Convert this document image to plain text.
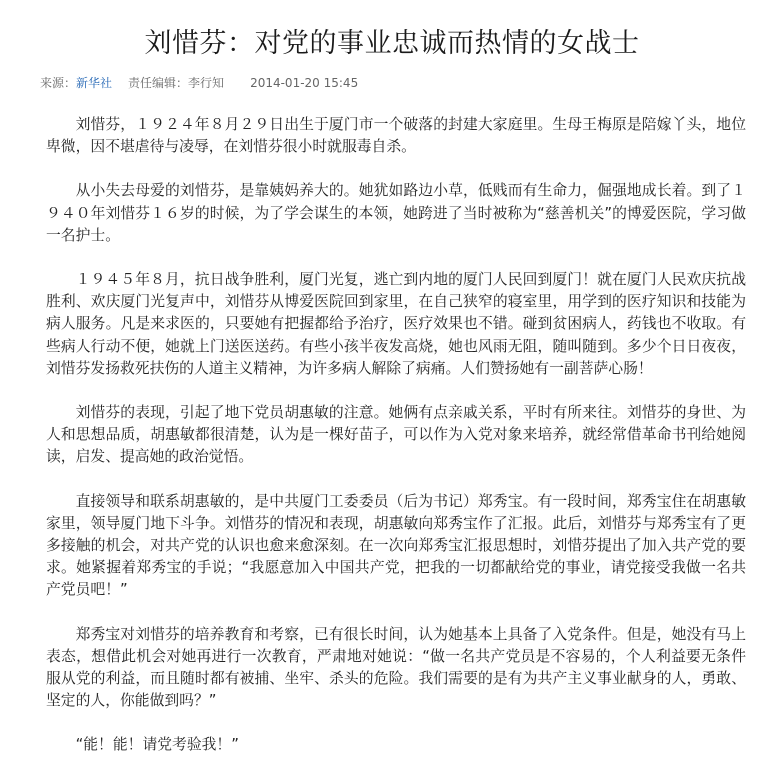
刘惜芬：对党的事业忠诚而热情的女战士
来源：新华社 责任编辑：李行知 2014-01-20 15:45

刘惜芬，１９２４年８月２９日出生于厦门市一个破落的封建大家庭里。生母王梅原是陪嫁丫头，地位卑微，因不堪虐待与凌辱，在刘惜芬很小时就服毒自杀。

从小失去母爱的刘惜芬，是靠姨妈养大的。她犹如路边小草，低贱而有生命力，倔强地成长着。到了１９４０年刘惜芬１６岁的时候，为了学会谋生的本领，她跨进了当时被称为“慈善机关”的博爱医院，学习做一名护士。

１９４５年８月，抗日战争胜利，厦门光复，逃亡到内地的厦门人民回到厦门！就在厦门人民欢庆抗战胜利、欢庆厦门光复声中，刘惜芬从博爱医院回到家里，在自己狭窄的寝室里，用学到的医疗知识和技能为病人服务。凡是来求医的，只要她有把握都给予治疗，医疗效果也不错。碰到贫困病人，药钱也不收取。有些病人行动不便，她就上门送医送药。有些小孩半夜发高烧，她也风雨无阻，随叫随到。多少个日日夜夜，刘惜芬发扬救死扶伤的人道主义精神，为许多病人解除了病痛。人们赞扬她有一副菩萨心肠！

刘惜芬的表现，引起了地下党员胡惠敏的注意。她俩有点亲戚关系，平时有所来往。刘惜芬的身世、为人和思想品质，胡惠敏都很清楚，认为是一棵好苗子，可以作为入党对象来培养，就经常借革命书刊给她阅读，启发、提高她的政治觉悟。

直接领导和联系胡惠敏的，是中共厦门工委委员（后为书记）郑秀宝。有一段时间，郑秀宝住在胡惠敏家里，领导厦门地下斗争。刘惜芬的情况和表现，胡惠敏向郑秀宝作了汇报。此后，刘惜芬与郑秀宝有了更多接触的机会，对共产党的认识也愈来愈深刻。在一次向郑秀宝汇报思想时，刘惜芬提出了加入共产党的要求。她紧握着郑秀宝的手说；“我愿意加入中国共产党，把我的一切都献给党的事业，请党接受我做一名共产党员吧！”

郑秀宝对刘惜芬的培养教育和考察，已有很长时间，认为她基本上具备了入党条件。但是，她没有马上表态，想借此机会对她再进行一次教育，严肃地对她说：“做一名共产党员是不容易的，个人利益要无条件服从党的利益，而且随时都有被捕、坐牢、杀头的危险。我们需要的是有为共产主义事业献身的人，勇敢、坚定的人，你能做到吗？”

“能！能！请党考验我！”
